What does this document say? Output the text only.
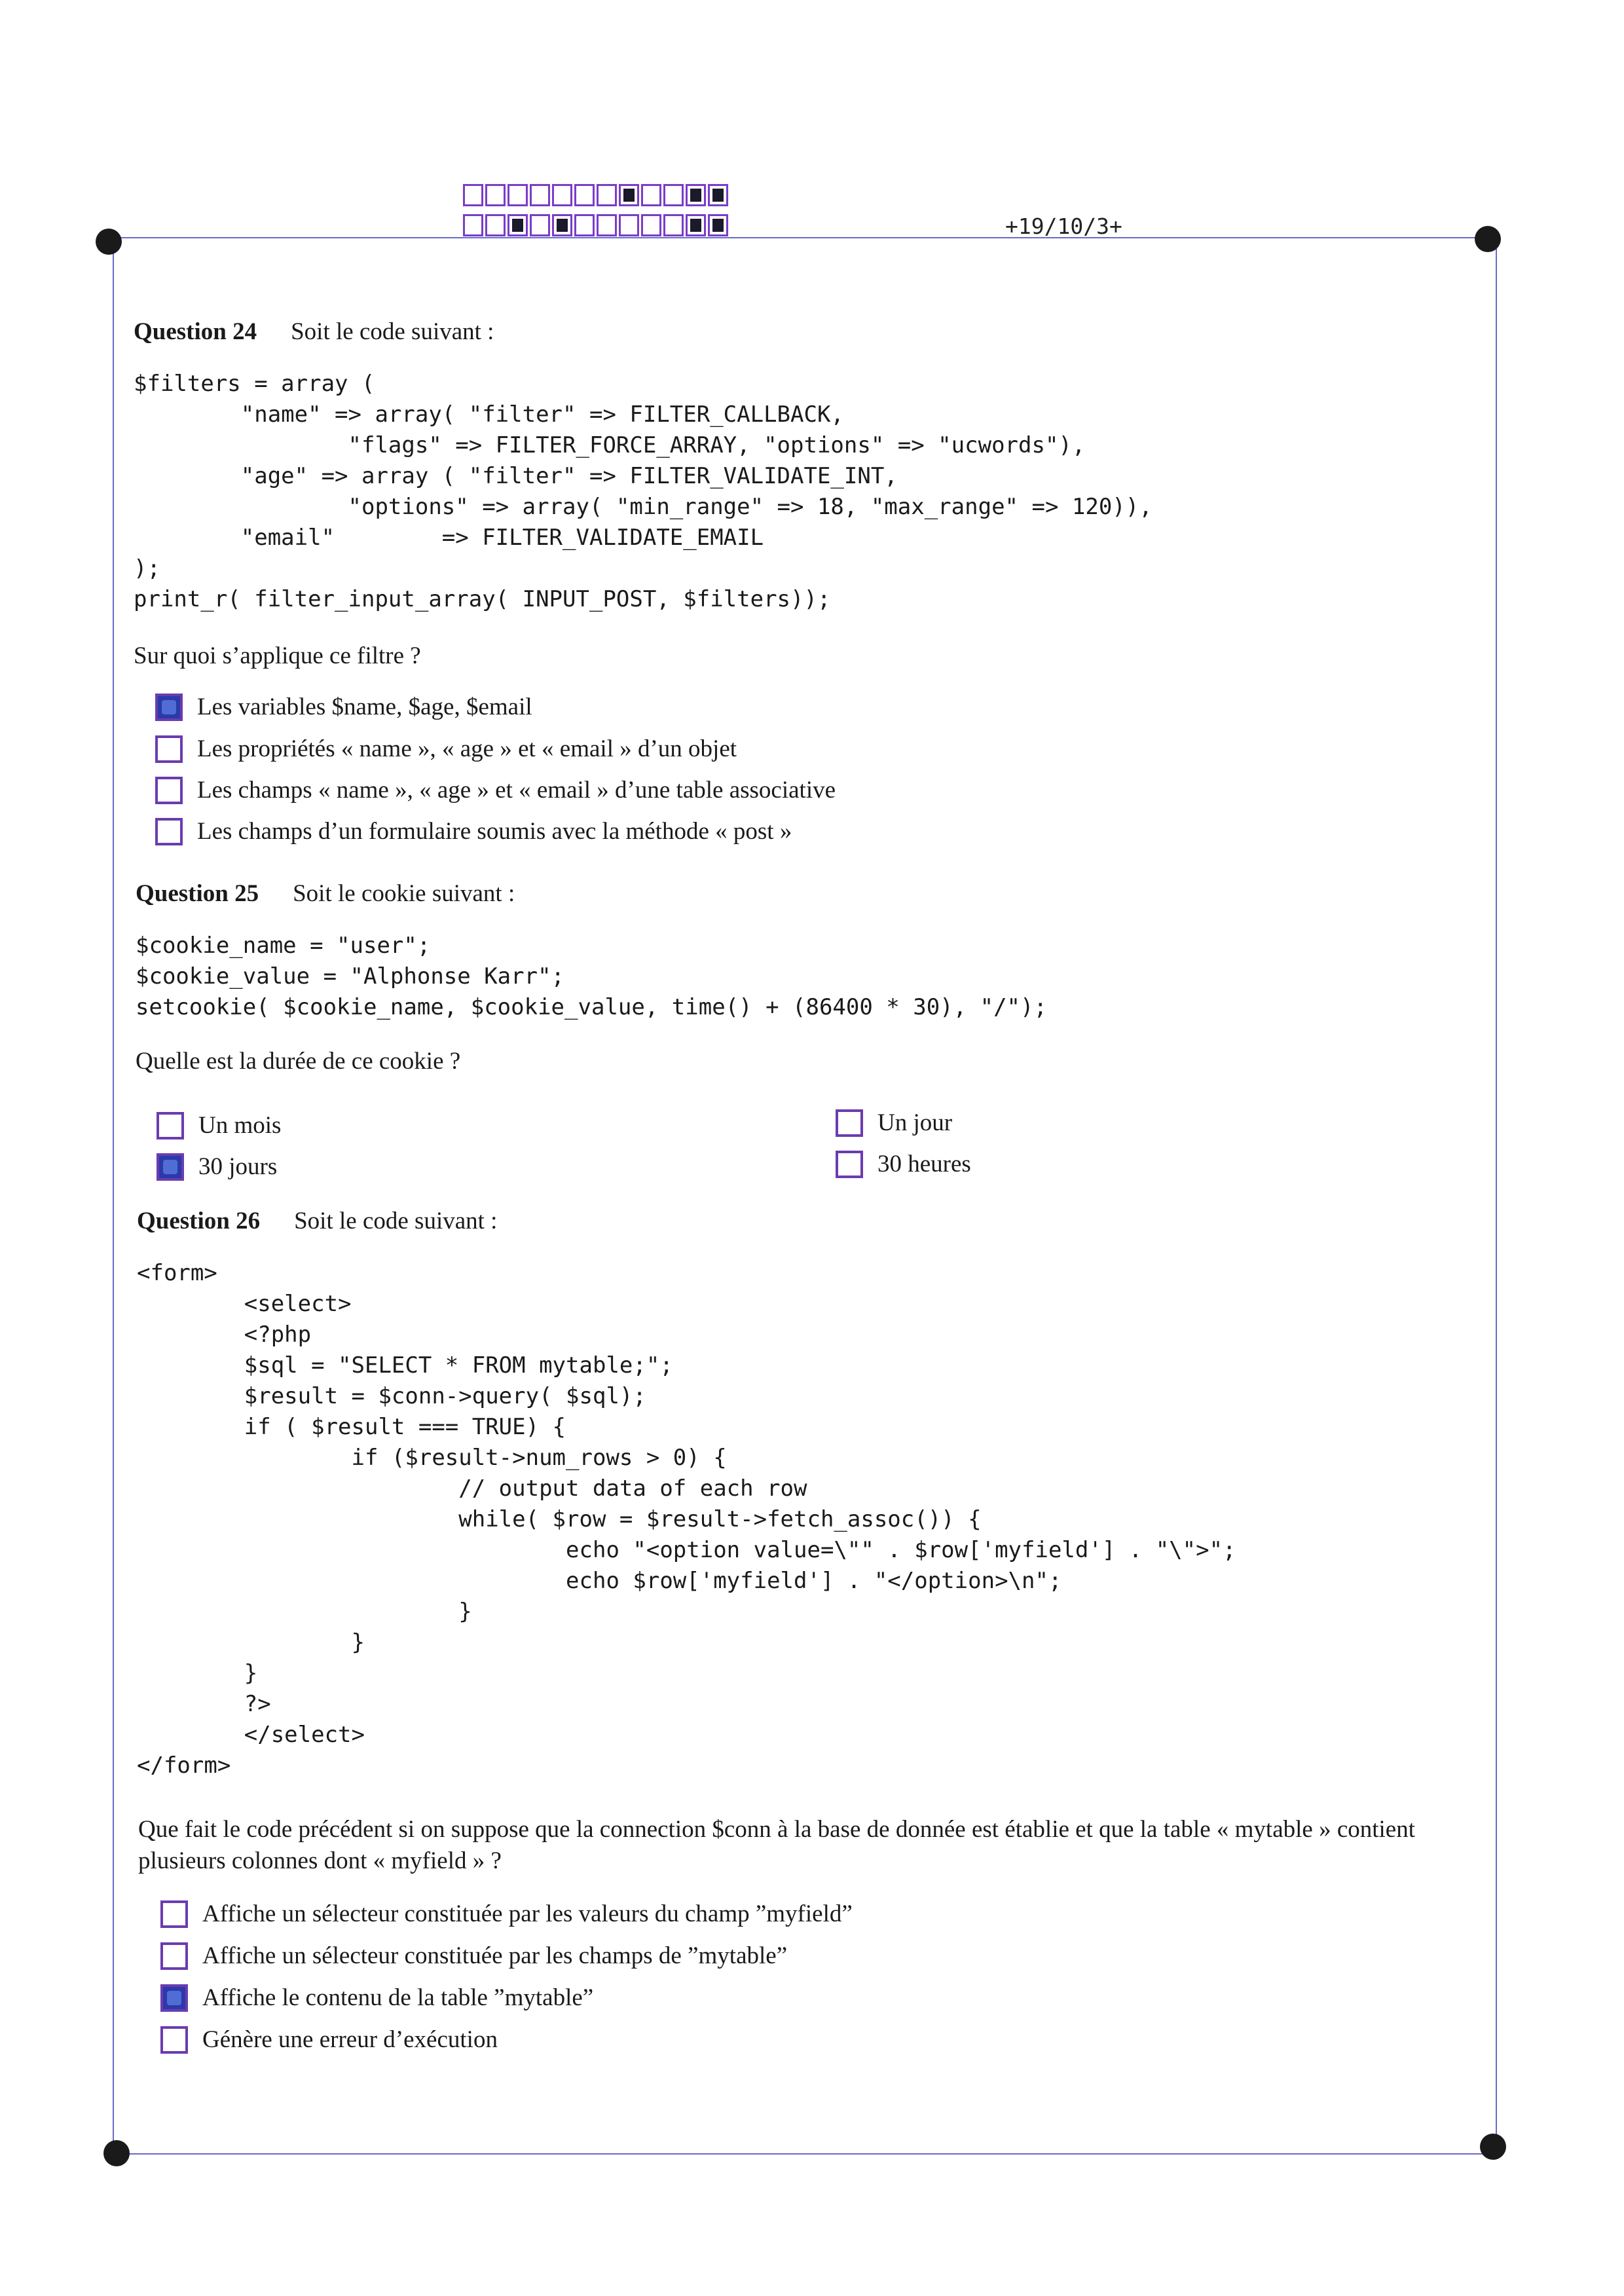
+19/10/3+
Question 24 Soit le code suivant :
$filters = array (
"name" => array( "filter" => FILTER_CALLBACK,
"flags" => FILTER_FORCE_ARRAY, "options" => "ucwords"),
"age" => array ( "filter" => FILTER_VALIDATE_INT,
"options" => array( "min_range" => 18, "max_range" => 120)),
"email"        => FILTER_VALIDATE_EMAIL
);
print_r( filter_input_array( INPUT_POST, $filters));
Sur quoi s’applique ce filtre ?
Les variables $name, $age, $email
Les propriétés « name », « age » et « email » d’un objet
Les champs « name », « age » et « email » d’une table associative
Les champs d’un formulaire soumis avec la méthode « post »
Question 25 Soit le cookie suivant :
$cookie_name = "user";
$cookie_value = "Alphonse Karr";
setcookie( $cookie_name, $cookie_value, time() + (86400 * 30), "/");
Quelle est la durée de ce cookie ?
Un mois
30 jours
Un jour
30 heures
Question 26 Soit le code suivant :
<form>
<select>
<?php
$sql = "SELECT * FROM mytable;";
$result = $conn->query( $sql);
if ( $result === TRUE) {
if ($result->num_rows > 0) {
// output data of each row
while( $row = $result->fetch_assoc()) {
echo "<option value=\"" . $row['myfield'] . "\">";
echo $row['myfield'] . "</option>\n";
}
}
}
?>
</select>
</form>
Que fait le code précédent si on suppose que la connection $conn à la base de donnée est établie et que la table « mytable » contient plusieurs colonnes dont « myfield » ?
Affiche un sélecteur constituée par les valeurs du champ ”myfield”
Affiche un sélecteur constituée par les champs de ”mytable”
Affiche le contenu de la table ”mytable”
Génère une erreur d’exécution
